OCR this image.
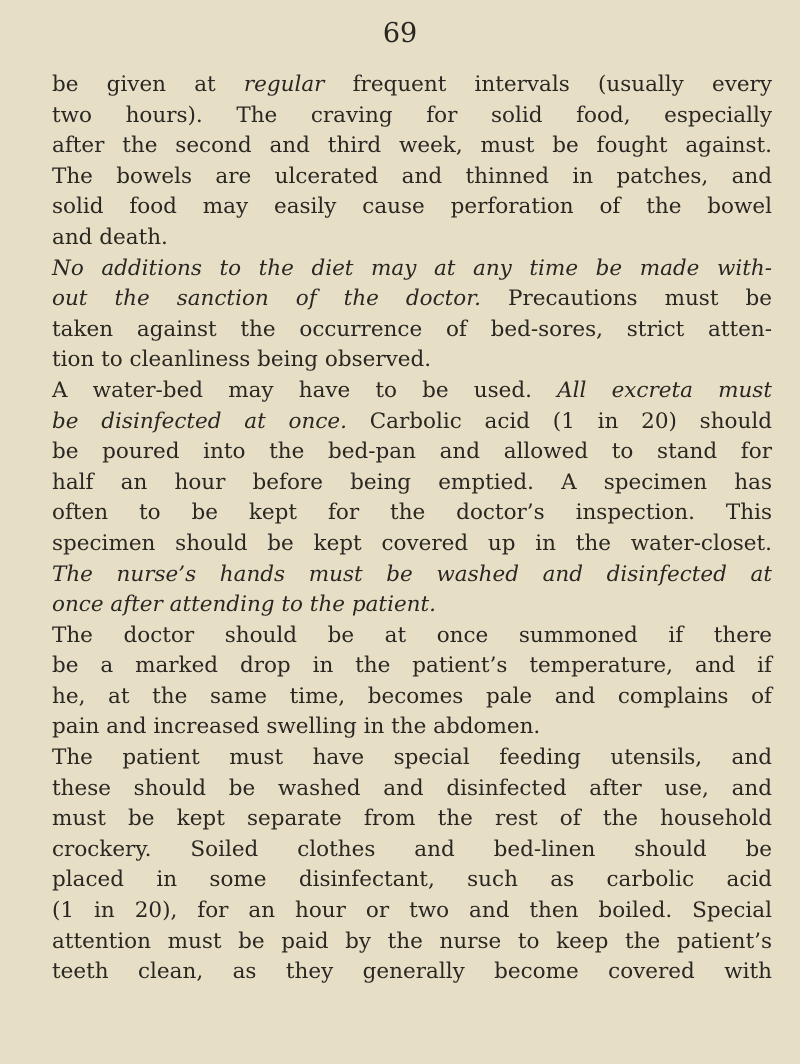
69
be given at regular frequent intervals (usually every
two hours). The craving for solid food, especially
after the second and third week, must be fought against.
The bowels are ulcerated and thinned in patches, and
solid food may easily cause perforation of the bowel
and death.
No additions to the diet may at any time be made with-
out the sanction of the doctor. Precautions must be
taken against the occurrence of bed-sores, strict atten-
tion to cleanliness being observed.
A water-bed may have to be used. All excreta must
be disinfected at once. Carbolic acid (1 in 20) should
be poured into the bed-pan and allowed to stand for
half an hour before being emptied. A specimen has
often to be kept for the doctor’s inspection. This
specimen should be kept covered up in the water-closet.
The nurse’s hands must be washed and disinfected at
once after attending to the patient.
The doctor should be at once summoned if there
be a marked drop in the patient’s temperature, and if
he, at the same time, becomes pale and complains of
pain and increased swelling in the abdomen.
The patient must have special feeding utensils, and
these should be washed and disinfected after use, and
must be kept separate from the rest of the household
crockery. Soiled clothes and bed-linen should be
placed in some disinfectant, such as carbolic acid
(1 in 20), for an hour or two and then boiled. Special
attention must be paid by the nurse to keep the patient’s
teeth clean, as they generally become covered with
